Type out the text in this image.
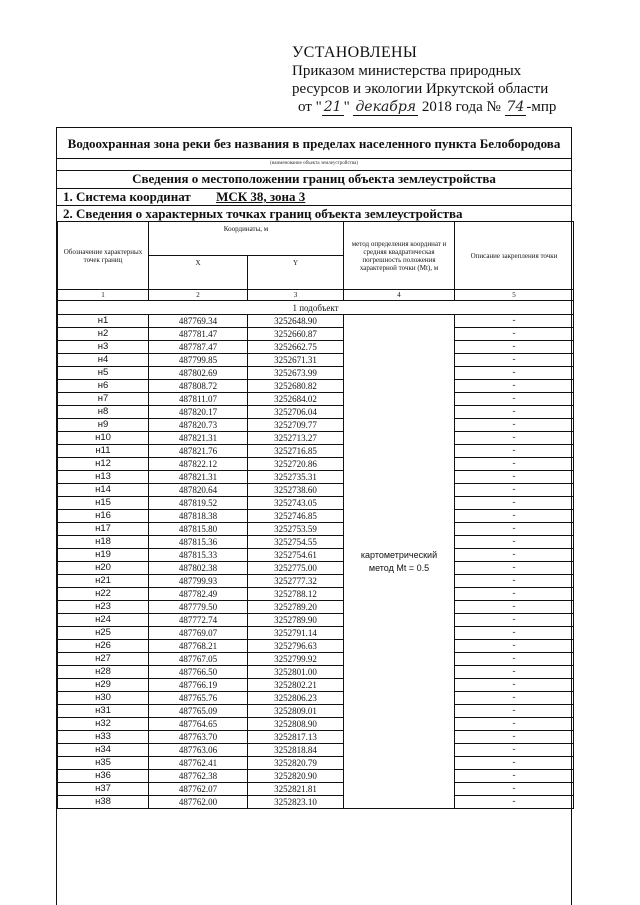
УСТАНОВЛЕНЫ
Приказом министерства природных
ресурсов и экологии Иркутской области
от " 21 " декабря 2018 года № 74 -мпр
Водоохранная зона реки без названия в пределах населенного пункта Белобородова
(наименование объекта землеустройства)
Сведения о местоположении границ объекта землеустройства
1. Система координат МСК 38, зона 3
2. Сведения о характерных точках границ объекта землеустройства
Обозначение характерных точек границ	Координаты, м		метод определения координат и средняя квадратическая погрешность положения характерной точки (Mt), м	Описание закрепления точки
	X	Y		
1	2	3	4	5
1 подобъект				
н1	487769.34	3252648.90	картометрический метод Mt = 0.5	-
н2	487781.47	3252660.87		-
н3	487787.47	3252662.75		-
н4	487799.85	3252671.31		-
н5	487802.69	3252673.99		-
н6	487808.72	3252680.82		-
н7	487811.07	3252684.02		-
н8	487820.17	3252706.04		-
н9	487820.73	3252709.77		-
н10	487821.31	3252713.27		-
н11	487821.76	3252716.85		-
н12	487822.12	3252720.86		-
н13	487821.31	3252735.31		-
н14	487820.64	3252738.60		-
н15	487819.52	3252743.05		-
н16	487818.38	3252746.85		-
н17	487815.80	3252753.59		-
н18	487815.36	3252754.55		-
н19	487815.33	3252754.61		-
н20	487802.38	3252775.00		-
н21	487799.93	3252777.32		-
н22	487782.49	3252788.12		-
н23	487779.50	3252789.20		-
н24	487772.74	3252789.90		-
н25	487769.07	3252791.14		-
н26	487768.21	3252796.63		-
н27	487767.05	3252799.92		-
н28	487766.50	3252801.00		-
н29	487766.19	3252802.21		-
н30	487765.76	3252806.23		-
н31	487765.09	3252809.01		-
н32	487764.65	3252808.90		-
н33	487763.70	3252817.13		-
н34	487763.06	3252818.84		-
н35	487762.41	3252820.79		-
н36	487762.38	3252820.90		-
н37	487762.07	3252821.81		-
н38	487762.00	3252823.10		-
